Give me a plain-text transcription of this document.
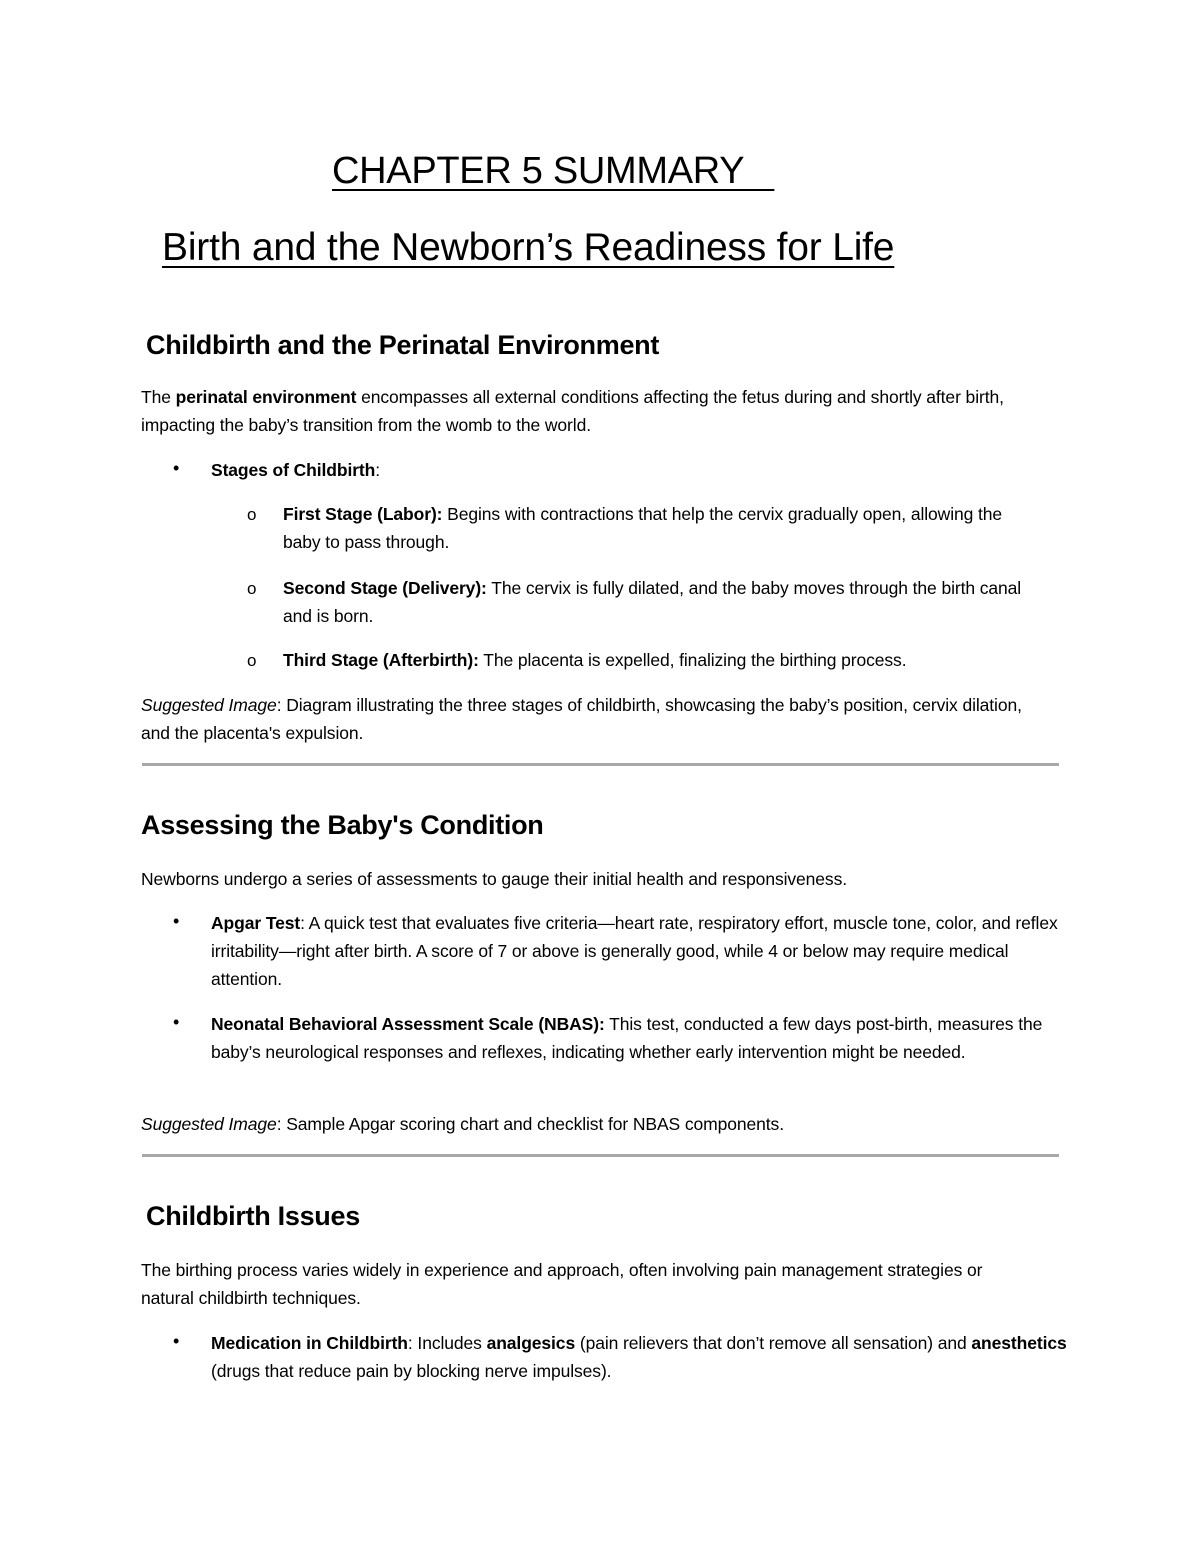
CHAPTER 5 SUMMARY
Birth and the Newborn’s Readiness for Life
Childbirth and the Perinatal Environment
The perinatal environment encompasses all external conditions affecting the fetus during and shortly after birth, impacting the baby’s transition from the womb to the world.
• Stages of Childbirth:
o First Stage (Labor): Begins with contractions that help the cervix gradually open, allowing the baby to pass through.
o Second Stage (Delivery): The cervix is fully dilated, and the baby moves through the birth canal and is born.
o Third Stage (Afterbirth): The placenta is expelled, finalizing the birthing process.
Suggested Image: Diagram illustrating the three stages of childbirth, showcasing the baby’s position, cervix dilation, and the placenta's expulsion.
Assessing the Baby's Condition
Newborns undergo a series of assessments to gauge their initial health and responsiveness.
• Apgar Test: A quick test that evaluates five criteria—heart rate, respiratory effort, muscle tone, color, and reflex irritability—right after birth. A score of 7 or above is generally good, while 4 or below may require medical attention.
• Neonatal Behavioral Assessment Scale (NBAS): This test, conducted a few days post-birth, measures the baby’s neurological responses and reflexes, indicating whether early intervention might be needed.
Suggested Image: Sample Apgar scoring chart and checklist for NBAS components.
Childbirth Issues
The birthing process varies widely in experience and approach, often involving pain management strategies or natural childbirth techniques.
• Medication in Childbirth: Includes analgesics (pain relievers that don’t remove all sensation) and anesthetics (drugs that reduce pain by blocking nerve impulses).
